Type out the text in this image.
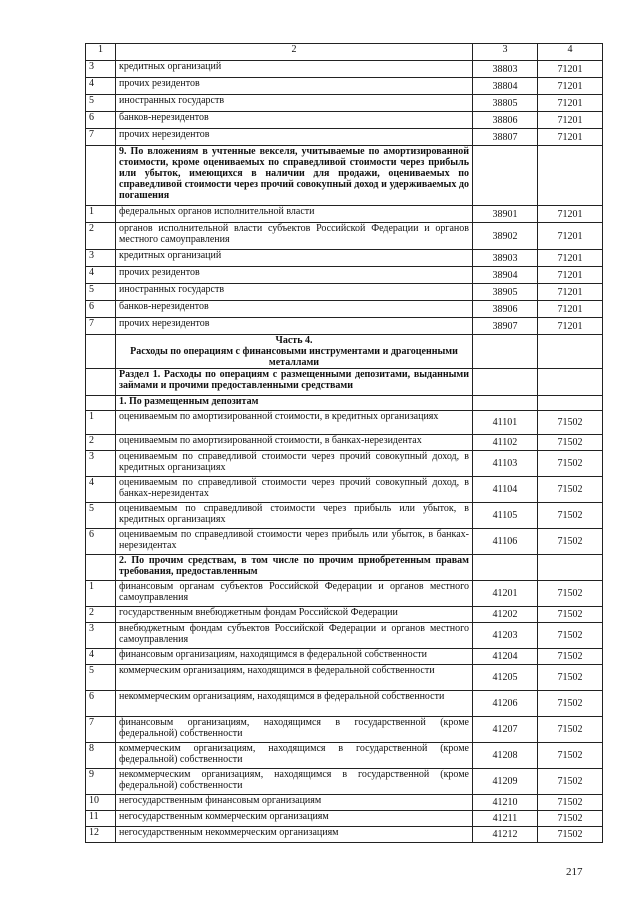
1	2	3	4
3	кредитных организаций	38803	71201
4	прочих резидентов	38804	71201
5	иностранных государств	38805	71201
6	банков-нерезидентов	38806	71201
7	прочих нерезидентов	38807	71201
	9. По вложениям в учтенные векселя, учитываемые по амортизированной стоимости, кроме оцениваемых по справедливой стоимости через прибыль или убыток, имеющихся в наличии для продажи, оцениваемых по справедливой стоимости через прочий совокупный доход и удерживаемых до погашения		
1	федеральных органов исполнительной власти	38901	71201
2	органов исполнительной власти субъектов Российской Федерации и органов местного самоуправления	38902	71201
3	кредитных организаций	38903	71201
4	прочих резидентов	38904	71201
5	иностранных государств	38905	71201
6	банков-нерезидентов	38906	71201
7	прочих нерезидентов	38907	71201
	Часть 4.
Расходы по операциям с финансовыми инструментами и драгоценными металлами		
	Раздел 1. Расходы по операциям с размещенными депозитами, выданными займами и прочими предоставленными средствами		
	1. По размещенным депозитам		
1	оцениваемым по амортизированной стоимости, в кредитных организациях	41101	71502
2	оцениваемым по амортизированной стоимости, в банках-нерезидентах	41102	71502
3	оцениваемым по справедливой стоимости через прочий совокупный доход, в кредитных организациях	41103	71502
4	оцениваемым по справедливой стоимости через прочий совокупный доход, в банках-нерезидентах	41104	71502
5	оцениваемым по справедливой стоимости через прибыль или убыток, в кредитных организациях	41105	71502
6	оцениваемым по справедливой стоимости через прибыль или убыток, в банках-нерезидентах	41106	71502
	2. По прочим средствам, в том числе по прочим приобретенным правам требования, предоставленным		
1	финансовым органам субъектов Российской Федерации и органов местного самоуправления	41201	71502
2	государственным внебюджетным фондам Российской Федерации	41202	71502
3	внебюджетным фондам субъектов Российской Федерации и органов местного самоуправления	41203	71502
4	финансовым организациям, находящимся в федеральной собственности	41204	71502
5	коммерческим организациям, находящимся в федеральной собственности	41205	71502
6	некоммерческим организациям, находящимся в федеральной собственности	41206	71502
7	финансовым организациям, находящимся в государственной (кроме федеральной) собственности	41207	71502
8	коммерческим организациям, находящимся в государственной (кроме федеральной) собственности	41208	71502
9	некоммерческим организациям, находящимся в государственной (кроме федеральной) собственности	41209	71502
10	негосударственным финансовым организациям	41210	71502
11	негосударственным коммерческим организациям	41211	71502
12	негосударственным некоммерческим организациям	41212	71502
217
